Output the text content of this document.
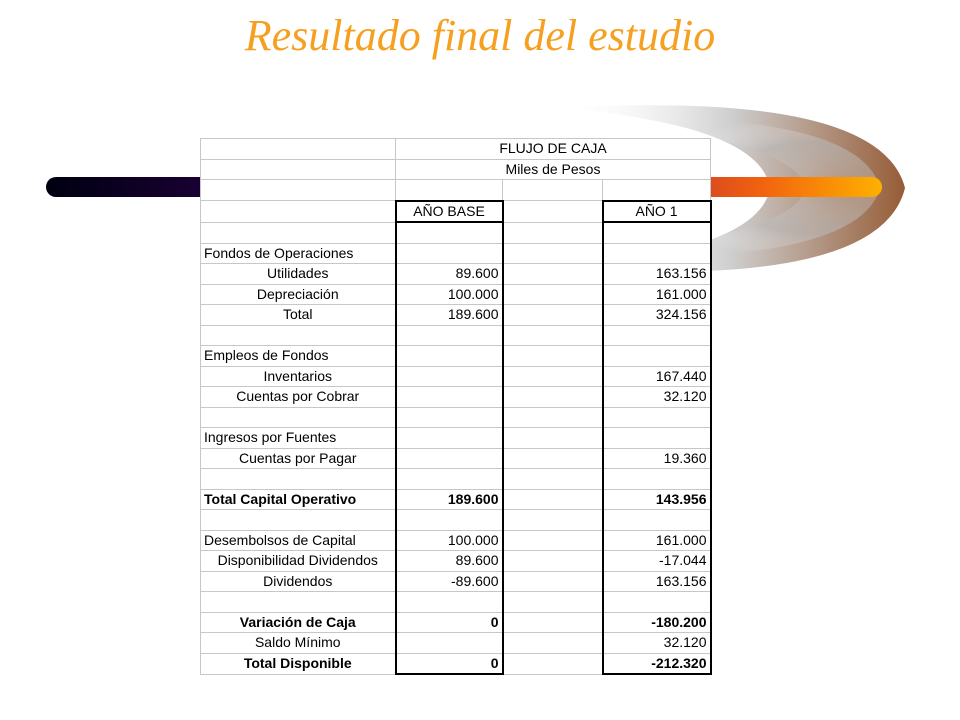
Resultado final del estudio
	FLUJO DE CAJA		
	Miles de Pesos		

	AÑO BASE		AÑO 1

Fondos de Operaciones			
Utilidades	89.600		163.156
Depreciación	100.000		161.000
Total	189.600		324.156

Empleos de Fondos			
Inventarios			167.440
Cuentas por Cobrar			32.120

Ingresos por Fuentes			
Cuentas por Pagar			19.360

Total Capital Operativo	189.600		143.956

Desembolsos de Capital	100.000		161.000
Disponibilidad Dividendos	89.600		-17.044
Dividendos	-89.600		163.156

Variación de Caja	0		-180.200
Saldo Mínimo			32.120
Total Disponible	0		-212.320
